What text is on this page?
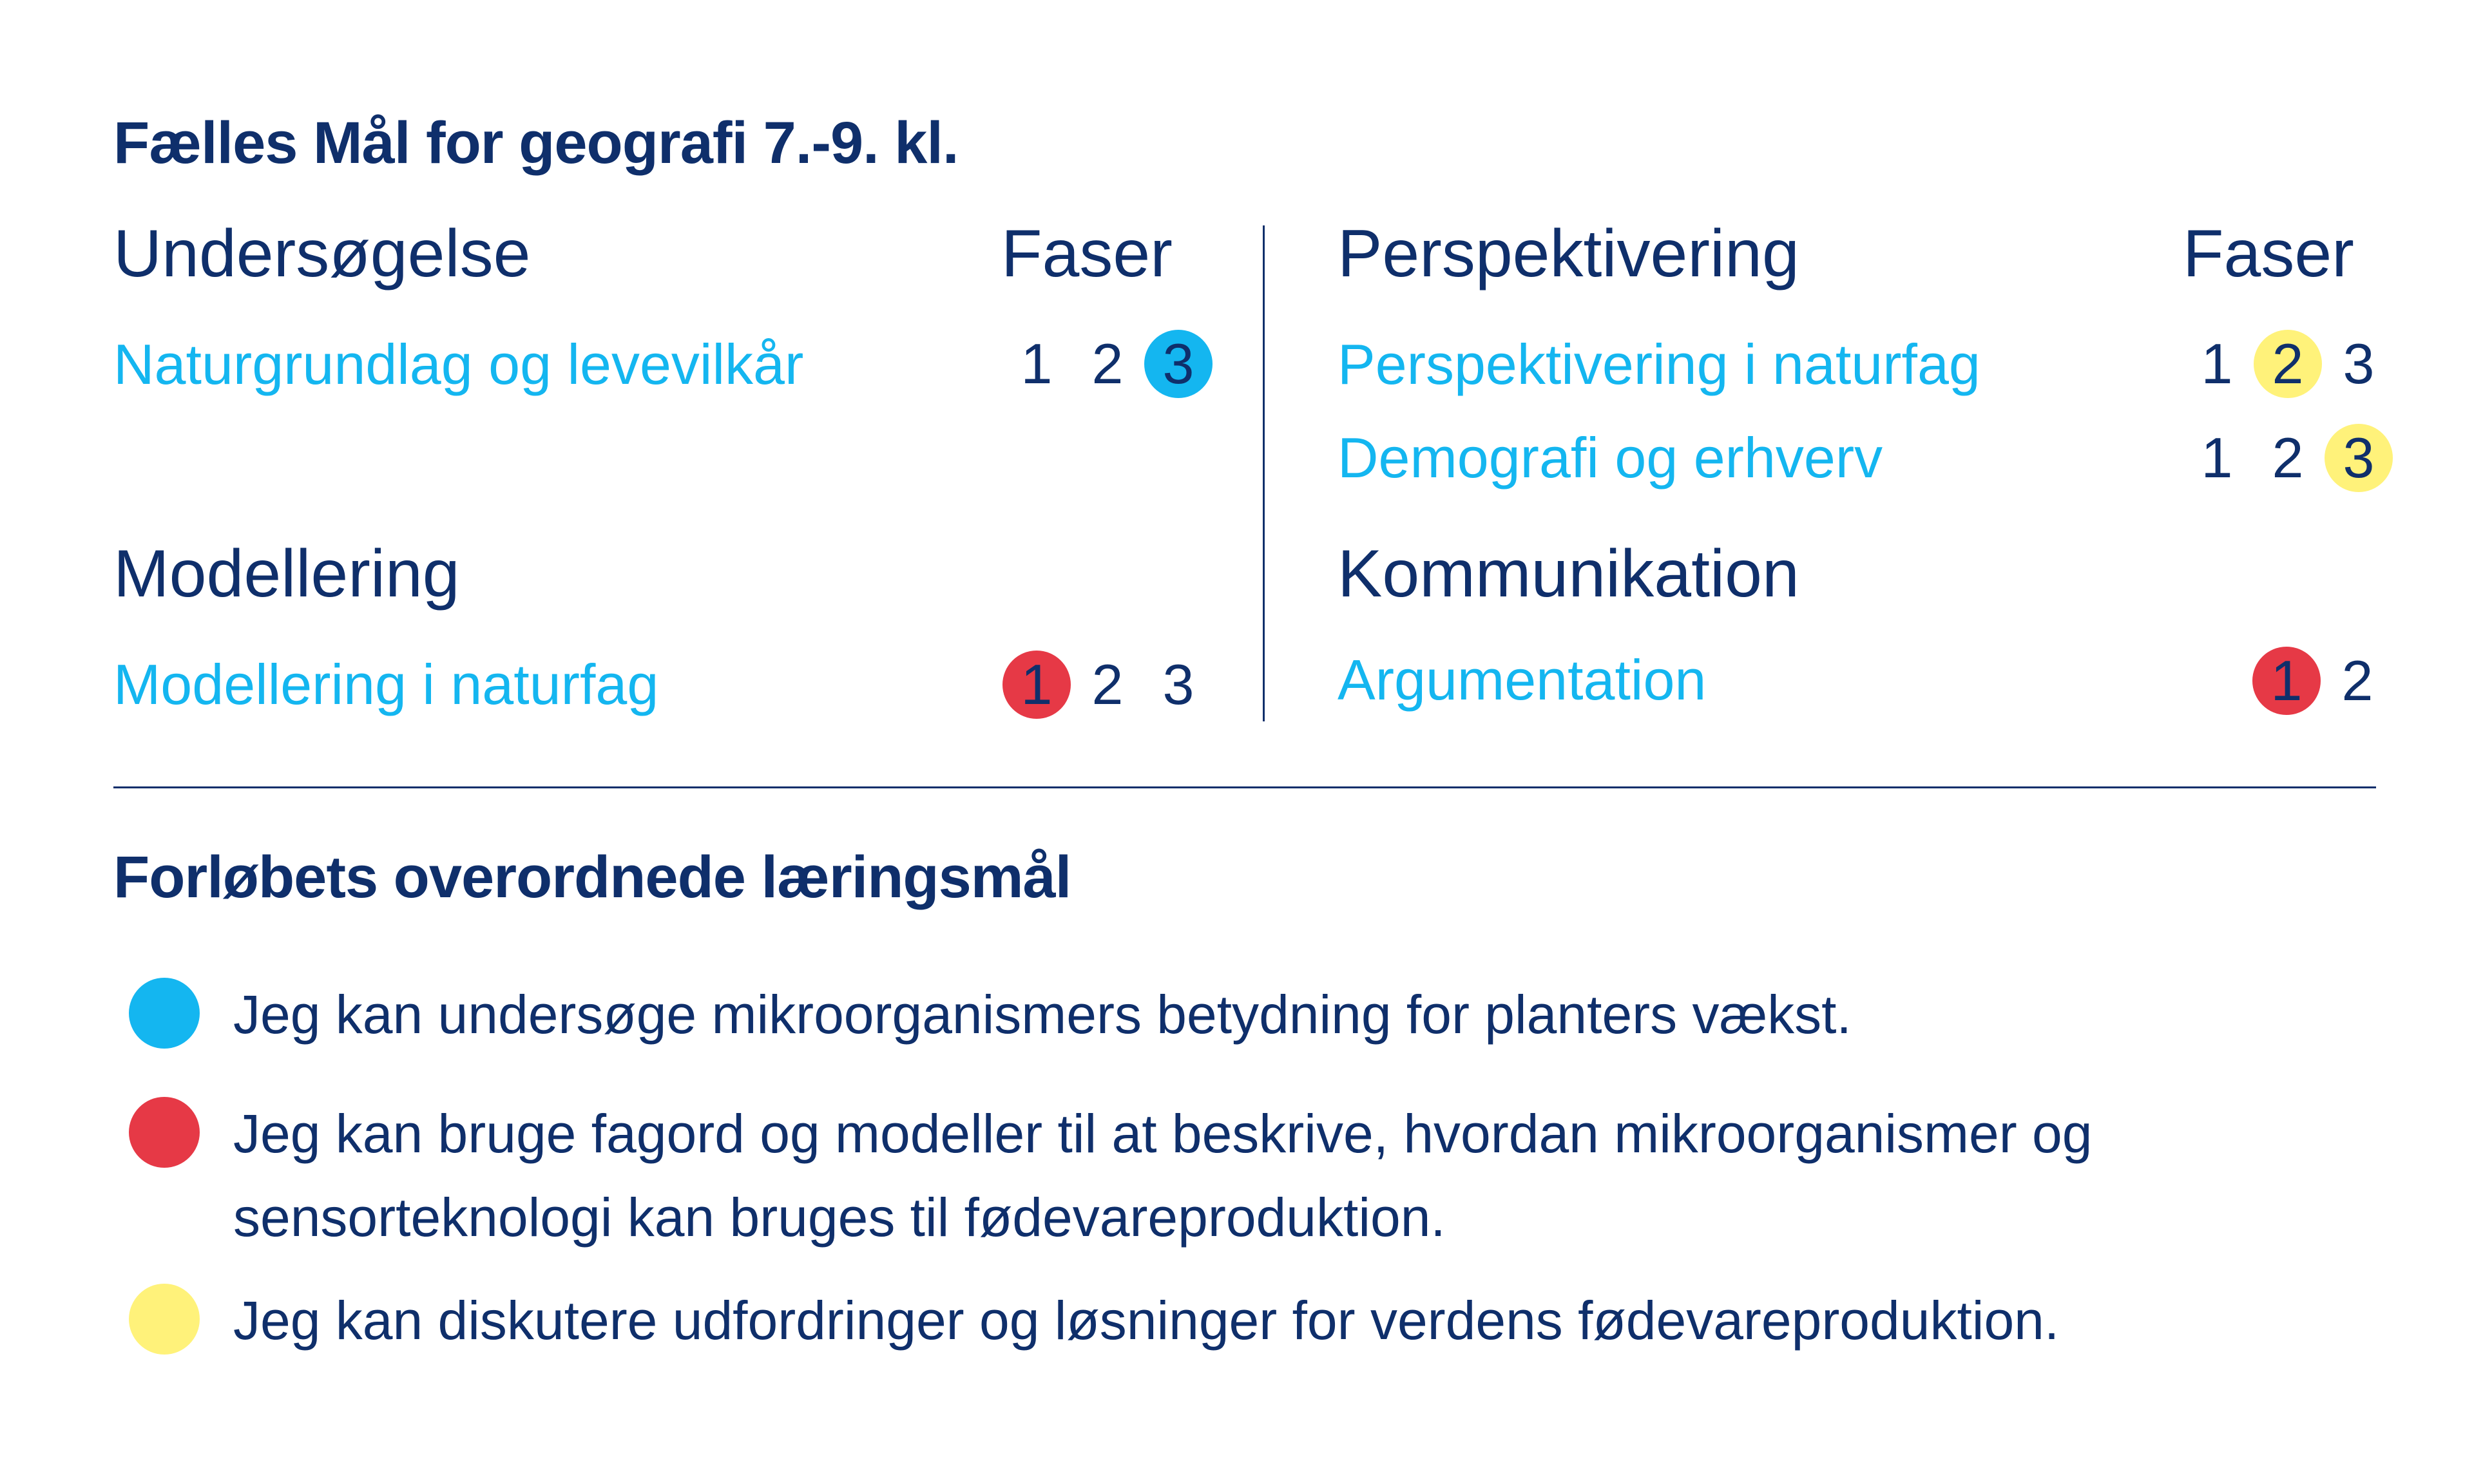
Fælles Mål for geografi 7.-9. kl.
Undersøgelse	Faser
Naturgrundlag og levevilkår	1 2 3
Modellering
Modellering i naturfag	1 2 3
Perspektivering	Faser
Perspektivering i naturfag	1 2 3
Demografi og erhverv	1 2 3
Kommunikation
Argumentation	1 2
Forløbets overordnede læringsmål
Jeg kan undersøge mikroorganismers betydning for planters vækst.
Jeg kan bruge fagord og modeller til at beskrive, hvordan mikroorganismer og sensorteknologi kan bruges til fødevareproduktion.
Jeg kan diskutere udfordringer og løsninger for verdens fødevareproduktion.
